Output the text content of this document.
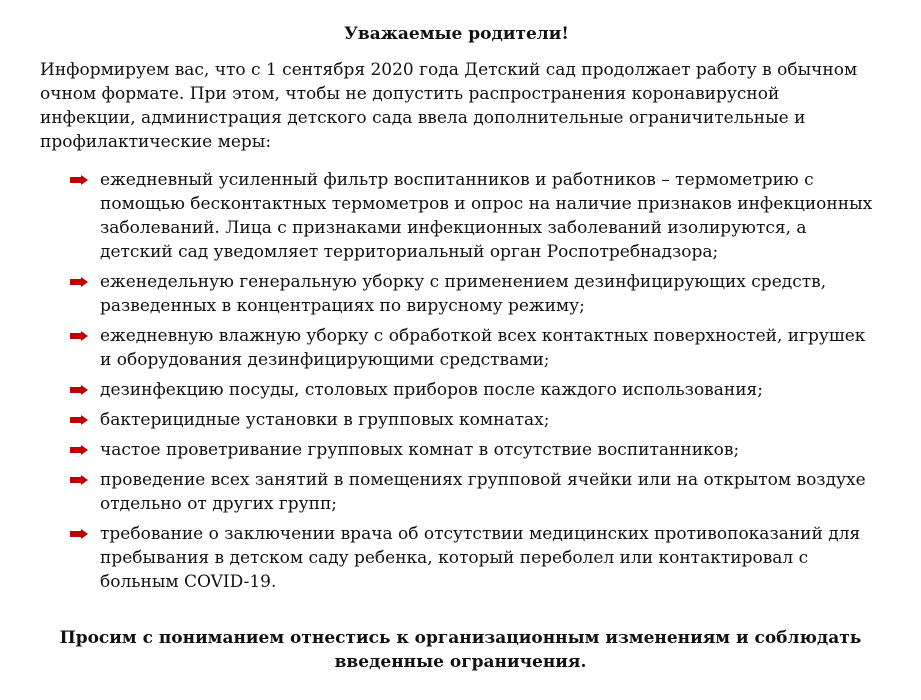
Уважаемые родители!
Информируем вас, что с 1 сентября 2020 года Детский сад продолжает работу в обычном очном формате. При этом, чтобы не допустить распространения коронавирусной инфекции, администрация детского сада ввела дополнительные ограничительные и профилактические меры:
ежедневный усиленный фильтр воспитанников и работников – термометрию с помощью бесконтактных термометров и опрос на наличие признаков инфекционных заболеваний. Лица с признаками инфекционных заболеваний изолируются, а детский сад уведомляет территориальный орган Роспотребнадзора;
еженедельную генеральную уборку с применением дезинфицирующих средств, разведенных в концентрациях по вирусному режиму;
ежедневную влажную уборку с обработкой всех контактных поверхностей, игрушек и оборудования дезинфицирующими средствами;
дезинфекцию посуды, столовых приборов после каждого использования;
бактерицидные установки в групповых комнатах;
частое проветривание групповых комнат в отсутствие воспитанников;
проведение всех занятий в помещениях групповой ячейки или на открытом воздухе отдельно от других групп;
требование о заключении врача об отсутствии медицинских противопоказаний для пребывания в детском саду ребенка, который переболел или контактировал с больным COVID-19.
Просим с пониманием отнестись к организационным изменениям и соблюдать введенные ограничения.
